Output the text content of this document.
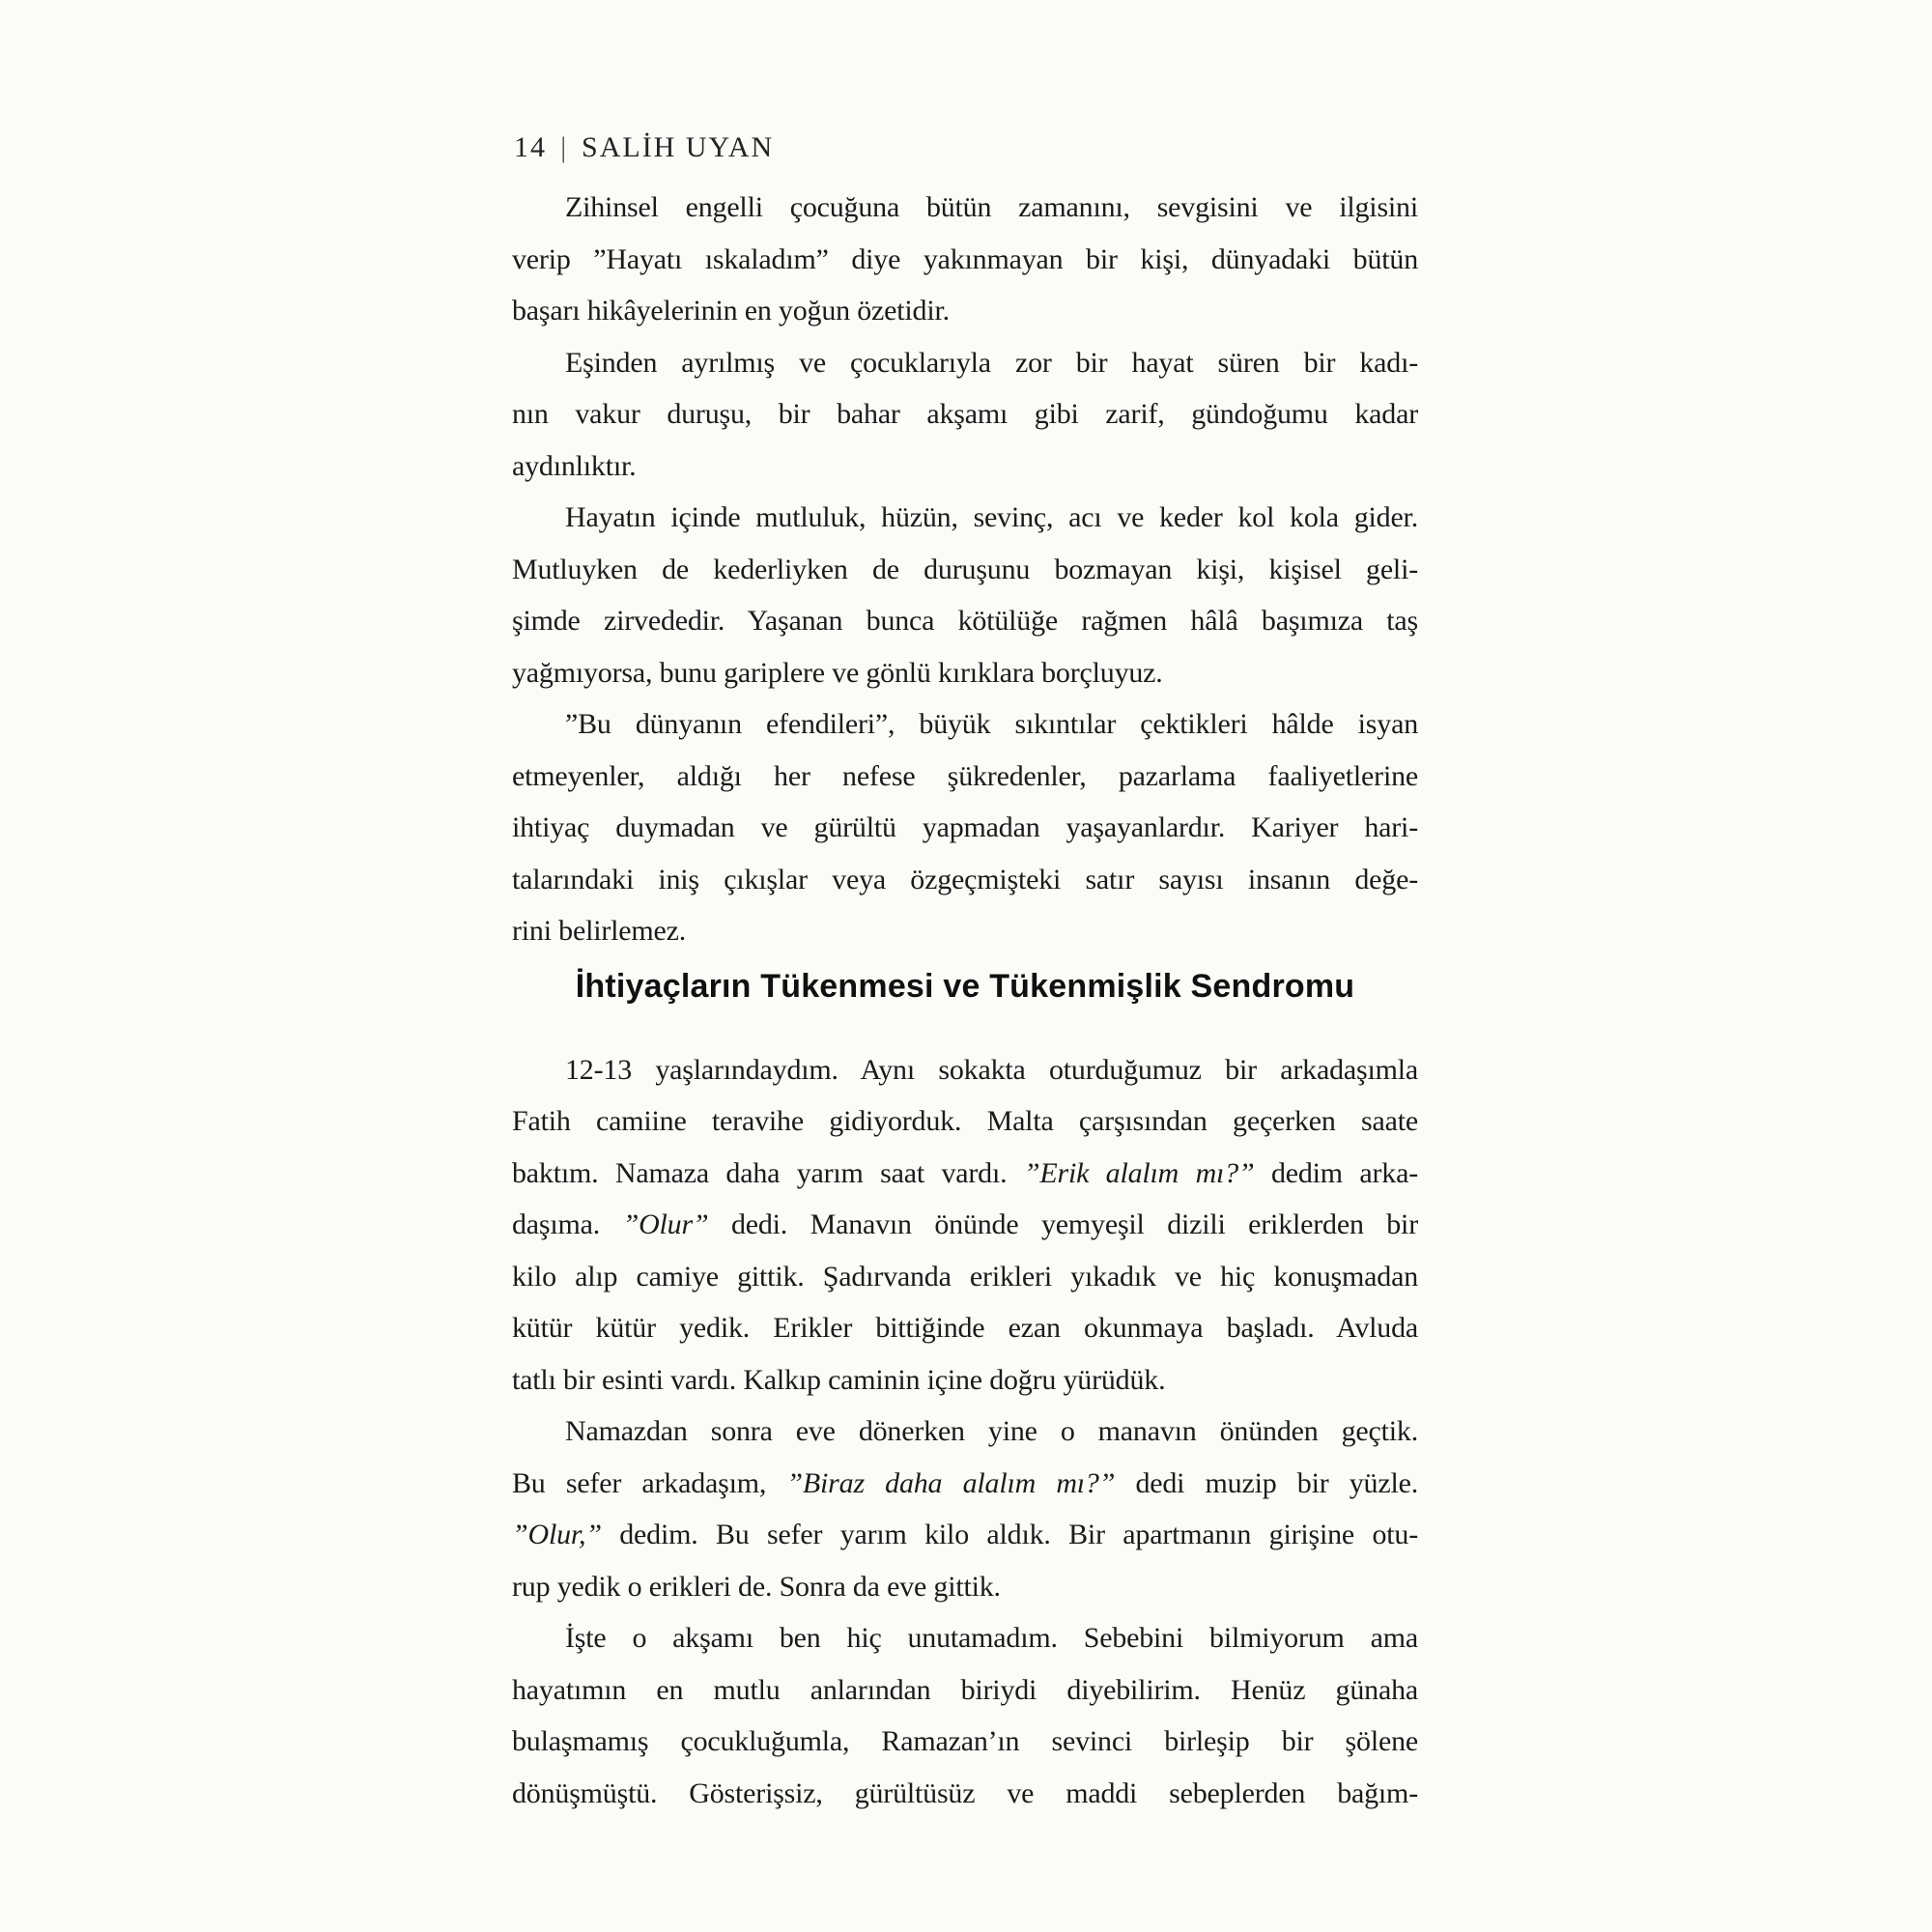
14 | SALİH UYAN
Zihinsel engelli çocuğuna bütün zamanını, sevgisini ve ilgisini
verip ”Hayatı ıskaladım” diye yakınmayan bir kişi, dünyadaki bütün
başarı hikâyelerinin en yoğun özetidir.
Eşinden ayrılmış ve çocuklarıyla zor bir hayat süren bir kadı-
nın vakur duruşu, bir bahar akşamı gibi zarif, gündoğumu kadar
aydınlıktır.
Hayatın içinde mutluluk, hüzün, sevinç, acı ve keder kol kola gider.
Mutluyken de kederliyken de duruşunu bozmayan kişi, kişisel geli-
şimde zirvededir. Yaşanan bunca kötülüğe rağmen hâlâ başımıza taş
yağmıyorsa, bunu gariplere ve gönlü kırıklara borçluyuz.
”Bu dünyanın efendileri”, büyük sıkıntılar çektikleri hâlde isyan
etmeyenler, aldığı her nefese şükredenler, pazarlama faaliyetlerine
ihtiyaç duymadan ve gürültü yapmadan yaşayanlardır. Kariyer hari-
talarındaki iniş çıkışlar veya özgeçmişteki satır sayısı insanın değe-
rini belirlemez.
İhtiyaçların Tükenmesi ve Tükenmişlik Sendromu
12-13 yaşlarındaydım. Aynı sokakta oturduğumuz bir arkadaşımla
Fatih camiine teravihe gidiyorduk. Malta çarşısından geçerken saate
baktım. Namaza daha yarım saat vardı. ”Erik alalım mı?” dedim arka-
daşıma. ”Olur” dedi. Manavın önünde yemyeşil dizili eriklerden bir
kilo alıp camiye gittik. Şadırvanda erikleri yıkadık ve hiç konuşmadan
kütür kütür yedik. Erikler bittiğinde ezan okunmaya başladı. Avluda
tatlı bir esinti vardı. Kalkıp caminin içine doğru yürüdük.
Namazdan sonra eve dönerken yine o manavın önünden geçtik.
Bu sefer arkadaşım, ”Biraz daha alalım mı?” dedi muzip bir yüzle.
”Olur,” dedim. Bu sefer yarım kilo aldık. Bir apartmanın girişine otu-
rup yedik o erikleri de. Sonra da eve gittik.
İşte o akşamı ben hiç unutamadım. Sebebini bilmiyorum ama
hayatımın en mutlu anlarından biriydi diyebilirim. Henüz günaha
bulaşmamış çocukluğumla, Ramazan’ın sevinci birleşip bir şölene
dönüşmüştü. Gösterişsiz, gürültüsüz ve maddi sebeplerden bağım-
